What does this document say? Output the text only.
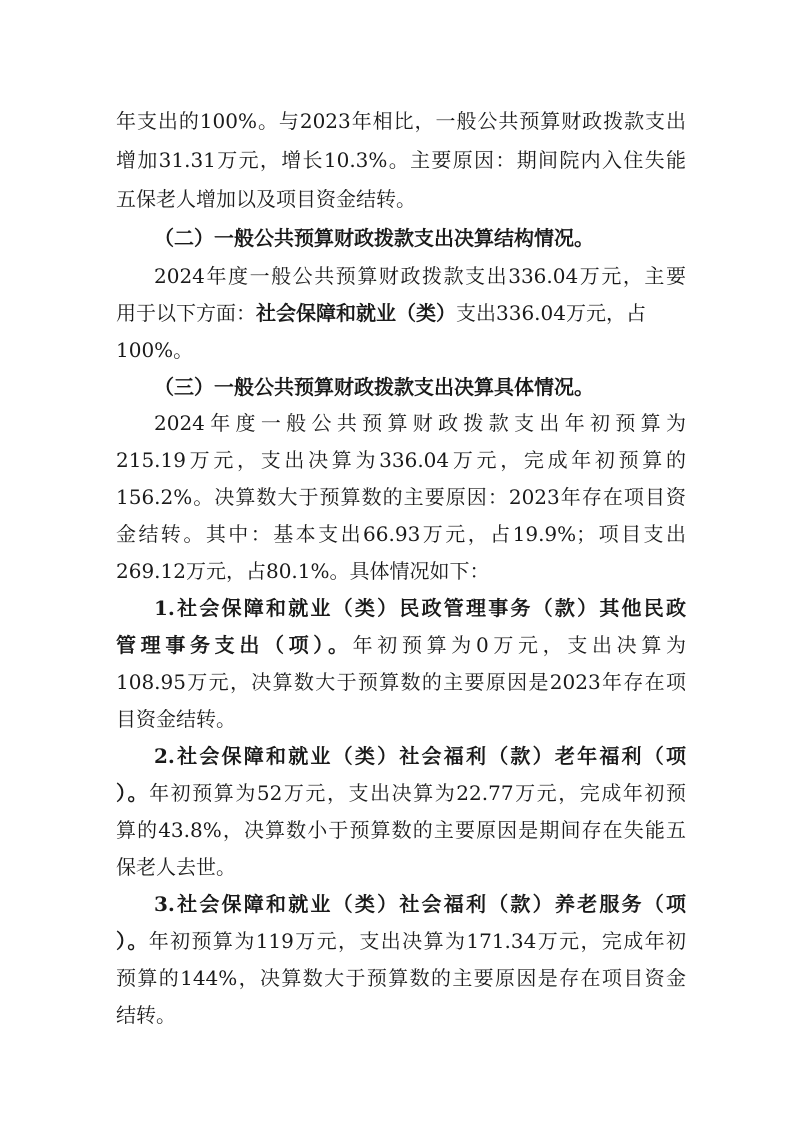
年支出的100%。与2023年相比，一般公共预算财政拨款支出
增加31.31万元，增长10.3%。主要原因：期间院内入住失能
五保老人增加以及项目资金结转。
（二）一般公共预算财政拨款支出决算结构情况。
2024年度一般公共预算财政拨款支出336.04万元，主要
用于以下方面：社会保障和就业（类）支出336.04万元，占
100%。
（三）一般公共预算财政拨款支出决算具体情况。
2024年度一般公共预算财政拨款支出年初预算为
215.19万元，支出决算为336.04万元，完成年初预算的
156.2%。决算数大于预算数的主要原因：2023年存在项目资
金结转。其中：基本支出66.93万元，占19.9%；项目支出
269.12万元，占80.1%。具体情况如下：
1.社会保障和就业（类）民政管理事务（款）其他民政
管理事务支出（项）。年初预算为0万元，支出决算为
108.95万元，决算数大于预算数的主要原因是2023年存在项
目资金结转。
2.社会保障和就业（类）社会福利（款）老年福利（项
）。年初预算为52万元，支出决算为22.77万元，完成年初预
算的43.8%，决算数小于预算数的主要原因是期间存在失能五
保老人去世。
3.社会保障和就业（类）社会福利（款）养老服务（项
）。年初预算为119万元，支出决算为171.34万元，完成年初
预算的144%，决算数大于预算数的主要原因是存在项目资金
结转。
